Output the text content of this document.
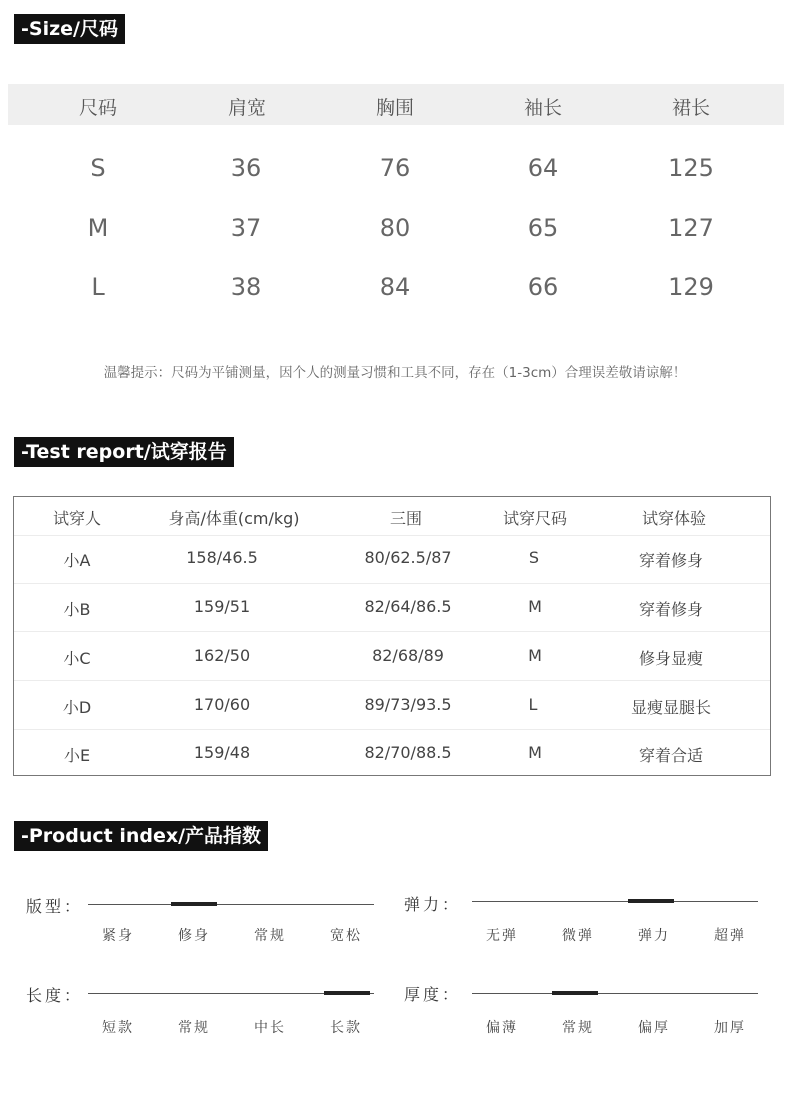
-Size/尺码
尺码	肩宽	胸围	袖长	裙长
S	36	76	64	125
M	37	80	65	127
L	38	84	66	129
温馨提示：尺码为平铺测量，因个人的测量习惯和工具不同，存在（1-3cm）合理误差敬请谅解！
-Test report/试穿报告
试穿人	身高/体重(cm/kg)	三围	试穿尺码	试穿体验
小A	158/46.5	80/62.5/87	S	穿着修身
小B	159/51	82/64/86.5	M	穿着修身
小C	162/50	82/68/89	M	修身显瘦
小D	170/60	89/73/93.5	L	显瘦显腿长
小E	159/48	82/70/88.5	M	穿着合适
-Product index/产品指数
版型：
紧身	修身	常规	宽松
弹力：
无弹	微弹	弹力	超弹
长度：
短款	常规	中长	长款
厚度：
偏薄	常规	偏厚	加厚
